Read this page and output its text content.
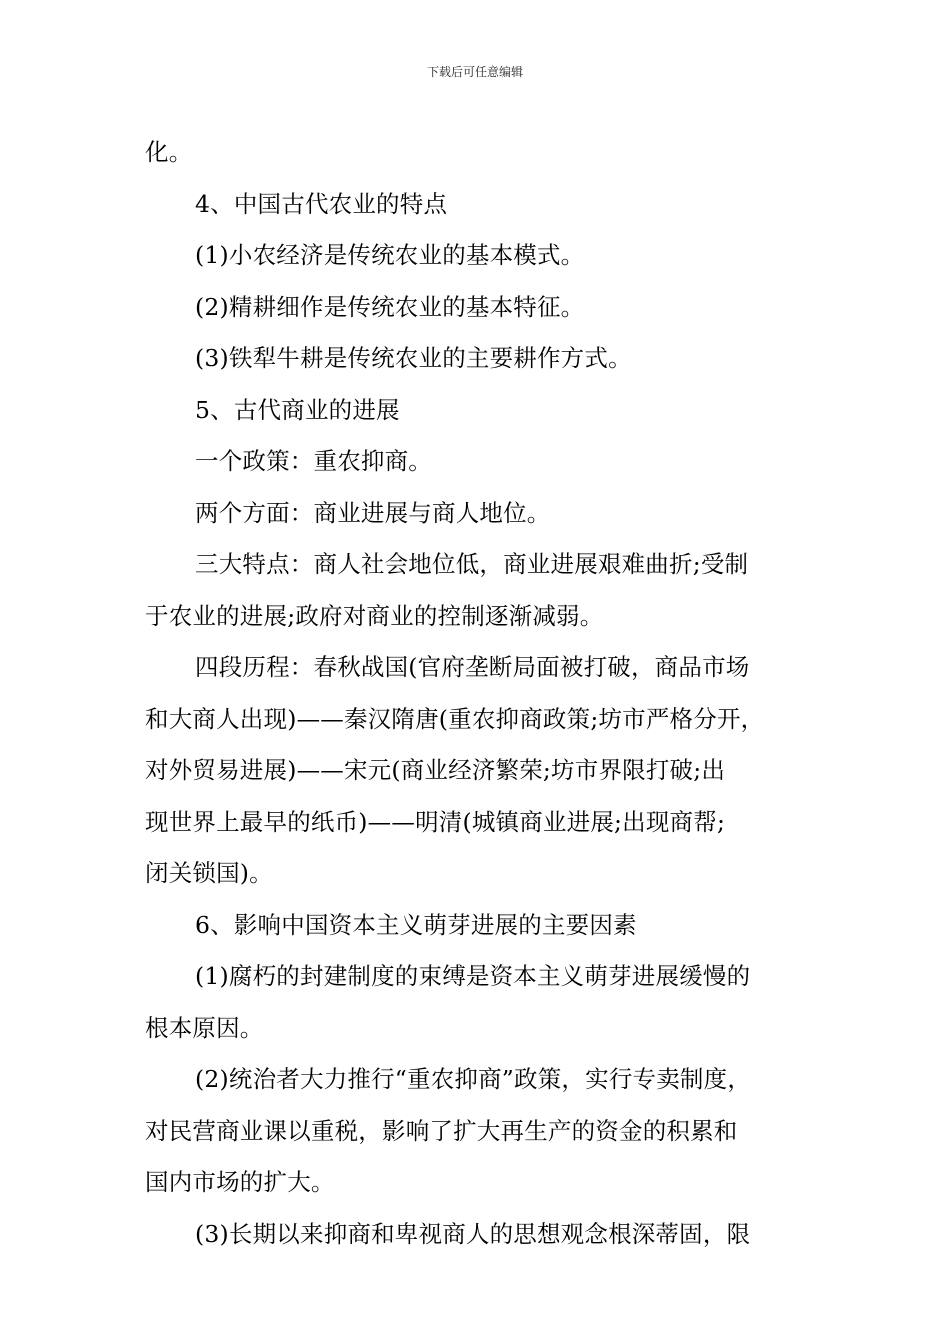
下载后可任意编辑
化。
4、中国古代农业的特点
(1)小农经济是传统农业的基本模式。
(2)精耕细作是传统农业的基本特征。
(3)铁犁牛耕是传统农业的主要耕作方式。
5、古代商业的进展
一个政策：重农抑商。
两个方面：商业进展与商人地位。
三大特点：商人社会地位低，商业进展艰难曲折;受制
于农业的进展;政府对商业的控制逐渐减弱。
四段历程：春秋战国(官府垄断局面被打破，商品市场
和大商人出现)——秦汉隋唐(重农抑商政策;坊市严格分开，
对外贸易进展)——宋元(商业经济繁荣;坊市界限打破;出
现世界上最早的纸币)——明清(城镇商业进展;出现商帮;
闭关锁国)。
6、影响中国资本主义萌芽进展的主要因素
(1)腐朽的封建制度的束缚是资本主义萌芽进展缓慢的
根本原因。
(2)统治者大力推行“重农抑商”政策，实行专卖制度，
对民营商业课以重税，影响了扩大再生产的资金的积累和
国内市场的扩大。
(3)长期以来抑商和卑视商人的思想观念根深蒂固，限
